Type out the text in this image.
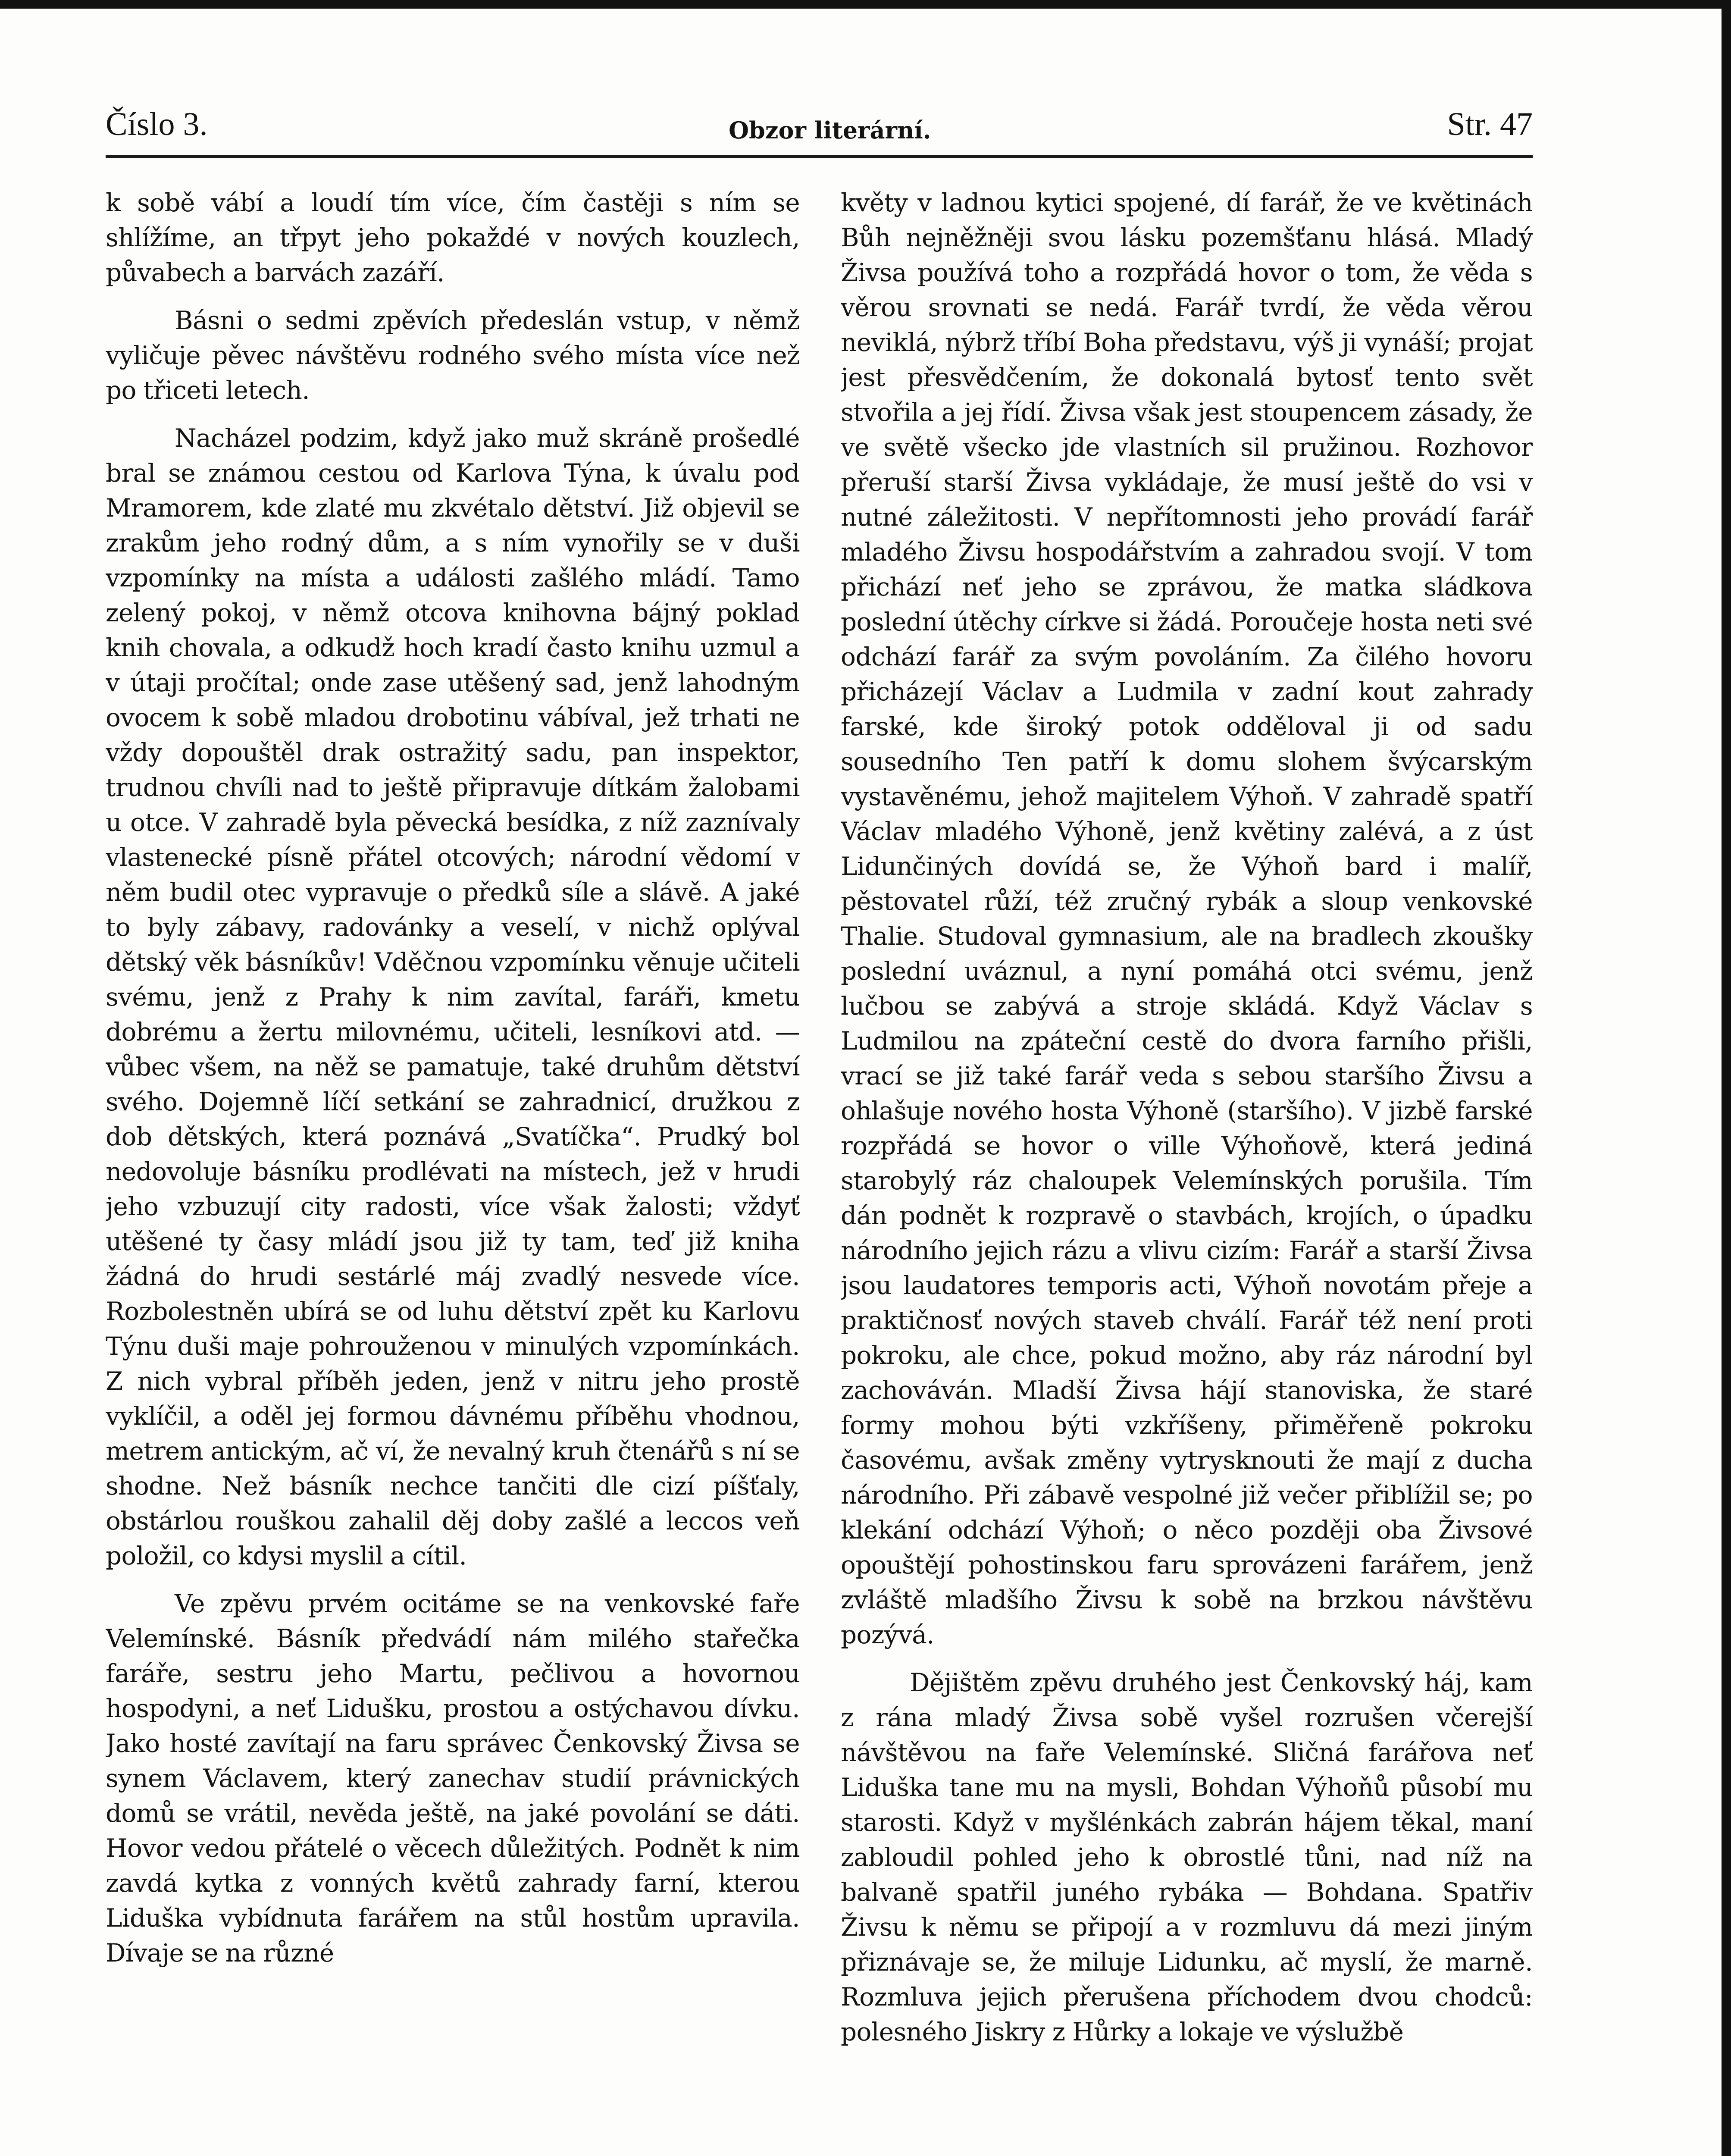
Číslo 3.	Obzor literární.	Str. 47

k sobě vábí a loudí tím více, čím častěji s ním se shlížíme, an třpyt jeho pokaždé v nových kouzlech, půvabech a barvách zazáří.

Básni o sedmi zpěvích předeslán vstup, v němž vyličuje pěvec návštěvu rodného svého místa více než po třiceti letech.

Nacházel podzim, když jako muž skráně prošedlé bral se známou cestou od Karlova Týna, k úvalu pod Mramorem, kde zlaté mu zkvétalo dětství. Již objevil se zrakům jeho rodný dům, a s ním vynořily se v duši vzpomínky na místa a události zašlého mládí. Tamo zelený pokoj, v němž otcova knihovna bájný poklad knih chovala, a odkudž hoch kradí často knihu uzmul a v útaji pročítal; onde zase utěšený sad, jenž lahodným ovocem k sobě mladou drobotinu vábíval, jež trhati ne vždy dopouštěl drak ostražitý sadu, pan inspektor, trudnou chvíli nad to ještě připravuje dítkám žalobami u otce. V zahradě byla pěvecká besídka, z níž zaznívaly vlastenecké písně přátel otcových; národní vědomí v něm budil otec vypravuje o předků síle a slávě. A jaké to byly zábavy, radovánky a veselí, v nichž oplýval dětský věk básníkův! Vděčnou vzpomínku věnuje učiteli svému, jenž z Prahy k nim zavítal, faráři, kmetu dobrému a žertu milovnému, učiteli, lesníkovi atd. — vůbec všem, na něž se pamatuje, také druhům dětství svého. Dojemně líčí setkání se zahradnicí, družkou z dob dětských, která poznává „Svatíčka“. Prudký bol nedovoluje básníku prodlévati na místech, jež v hrudi jeho vzbuzují city radosti, více však žalosti; vždyť utěšené ty časy mládí jsou již ty tam, teď již kniha žádná do hrudi sestárlé máj zvadlý nesvede více. Rozbolestněn ubírá se od luhu dětství zpět ku Karlovu Týnu duši maje pohrouženou v minulých vzpomínkách. Z nich vybral příběh jeden, jenž v nitru jeho prostě vyklíčil, a oděl jej formou dávnému příběhu vhodnou, metrem antickým, ač ví, že nevalný kruh čtenářů s ní se shodne. Než básník nechce tančiti dle cizí píšťaly, obstárlou rouškou zahalil děj doby zašlé a leccos veň položil, co kdysi myslil a cítil.

Ve zpěvu prvém ocitáme se na venkovské faře Velemínské. Básník předvádí nám milého stařečka faráře, sestru jeho Martu, pečlivou a hovornou hospodyni, a neť Lidušku, prostou a ostýchavou dívku. Jako hosté zavítají na faru správec Čenkovský Živsa se synem Václavem, který zanechav studií právnických domů se vrátil, nevěda ještě, na jaké povolání se dáti. Hovor vedou přátelé o věcech důležitých. Podnět k nim zavdá kytka z vonných květů zahrady farní, kterou Liduška vybídnuta farářem na stůl hostům upravila. Dívaje se na různé

květy v ladnou kytici spojené, dí farář, že ve květinách Bůh nejněžněji svou lásku pozemšťanu hlásá. Mladý Živsa používá toho a rozpřádá hovor o tom, že věda s věrou srovnati se nedá. Farář tvrdí, že věda věrou neviklá, nýbrž tříbí Boha představu, výš ji vynáší; projat jest přesvědčením, že dokonalá bytosť tento svět stvořila a jej řídí. Živsa však jest stoupencem zásady, že ve světě všecko jde vlastních sil pružinou. Rozhovor přeruší starší Živsa vykládaje, že musí ještě do vsi v nutné záležitosti. V nepřítomnosti jeho provádí farář mladého Živsu hospodářstvím a zahradou svojí. V tom přichází neť jeho se zprávou, že matka sládkova poslední útěchy církve si žádá. Poroučeje hosta neti své odchází farář za svým povoláním. Za čilého hovoru přicházejí Václav a Ludmila v zadní kout zahrady farské, kde široký potok odděloval ji od sadu sousedního Ten patří k domu slohem švýcarským vystavěnému, jehož majitelem Výhoň. V zahradě spatří Václav mladého Výhoně, jenž květiny zalévá, a z úst Lidunčiných dovídá se, že Výhoň bard i malíř, pěstovatel růží, též zručný rybák a sloup venkovské Thalie. Studoval gymnasium, ale na bradlech zkoušky poslední uváznul, a nyní pomáhá otci svému, jenž lučbou se zabývá a stroje skládá. Když Václav s Ludmilou na zpáteční cestě do dvora farního přišli, vrací se již také farář veda s sebou staršího Živsu a ohlašuje nového hosta Výhoně (staršího). V jizbě farské rozpřádá se hovor o ville Výhoňově, která jediná starobylý ráz chaloupek Velemínských porušila. Tím dán podnět k rozpravě o stavbách, krojích, o úpadku národního jejich rázu a vlivu cizím: Farář a starší Živsa jsou laudatores temporis acti, Výhoň novotám přeje a praktičnosť nových staveb chválí. Farář též není proti pokroku, ale chce, pokud možno, aby ráz národní byl zachováván. Mladší Živsa hájí stanoviska, že staré formy mohou býti vzkříšeny, přiměřeně pokroku časovému, avšak změny vytrysknouti že mají z ducha národního. Při zábavě vespolné již večer přiblížil se; po klekání odchází Výhoň; o něco později oba Živsové opouštějí pohostinskou faru sprovázeni farářem, jenž zvláště mladšího Živsu k sobě na brzkou návštěvu pozývá.

Dějištěm zpěvu druhého jest Čenkovský háj, kam z rána mladý Živsa sobě vyšel rozrušen včerejší návštěvou na faře Velemínské. Sličná farářova neť Liduška tane mu na mysli, Bohdan Výhoňů působí mu starosti. Když v myšlénkách zabrán hájem těkal, maní zabloudil pohled jeho k obrostlé tůni, nad níž na balvaně spatřil junéhо rybáka — Bohdana. Spatřiv Živsu k němu se připojí a v rozmluvu dá mezi jiným přiznávaje se, že miluje Lidunku, ač myslí, že marně. Rozmluva jejich přerušena příchodem dvou chodců: polesného Jiskry z Hůrky a lokaje ve výslužbě
